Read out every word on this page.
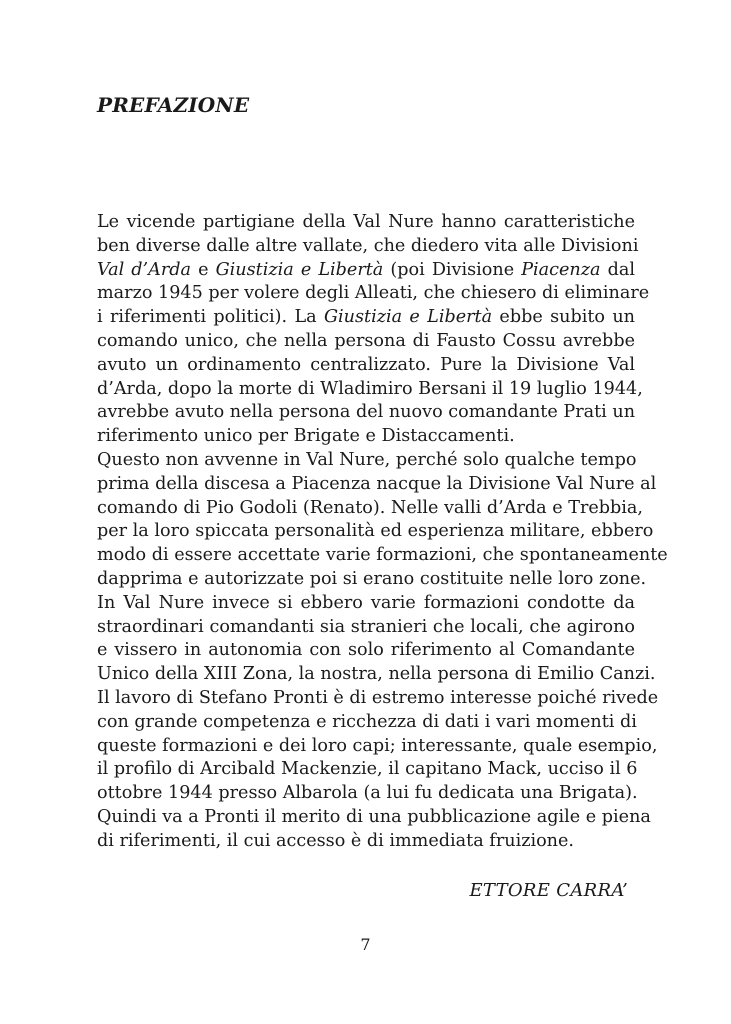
PREFAZIONE
Le vicende partigiane della Val Nure hanno caratteristiche
ben diverse dalle altre vallate, che diedero vita alle Divisioni
Val d’Arda e Giustizia e Libertà (poi Divisione Piacenza dal
marzo 1945 per volere degli Alleati, che chiesero di eliminare
i riferimenti politici). La Giustizia e Libertà ebbe subito un
comando unico, che nella persona di Fausto Cossu avrebbe
avuto un ordinamento centralizzato. Pure la Divisione Val
d’Arda, dopo la morte di Wladimiro Bersani il 19 luglio 1944,
avrebbe avuto nella persona del nuovo comandante Prati un
riferimento unico per Brigate e Distaccamenti.
Questo non avvenne in Val Nure, perché solo qualche tempo
prima della discesa a Piacenza nacque la Divisione Val Nure al
comando di Pio Godoli (Renato). Nelle valli d’Arda e Trebbia,
per la loro spiccata personalità ed esperienza militare, ebbero
modo di essere accettate varie formazioni, che spontaneamente
dapprima e autorizzate poi si erano costituite nelle loro zone.
In Val Nure invece si ebbero varie formazioni condotte da
straordinari comandanti sia stranieri che locali, che agirono
e vissero in autonomia con solo riferimento al Comandante
Unico della XIII Zona, la nostra, nella persona di Emilio Canzi.
Il lavoro di Stefano Pronti è di estremo interesse poiché rivede
con grande competenza e ricchezza di dati i vari momenti di
queste formazioni e dei loro capi; interessante, quale esempio,
il profilo di Arcibald Mackenzie, il capitano Mack, ucciso il 6
ottobre 1944 presso Albarola (a lui fu dedicata una Brigata).
Quindi va a Pronti il merito di una pubblicazione agile e piena
di riferimenti, il cui accesso è di immediata fruizione.
ETTORE CARRA’
7
